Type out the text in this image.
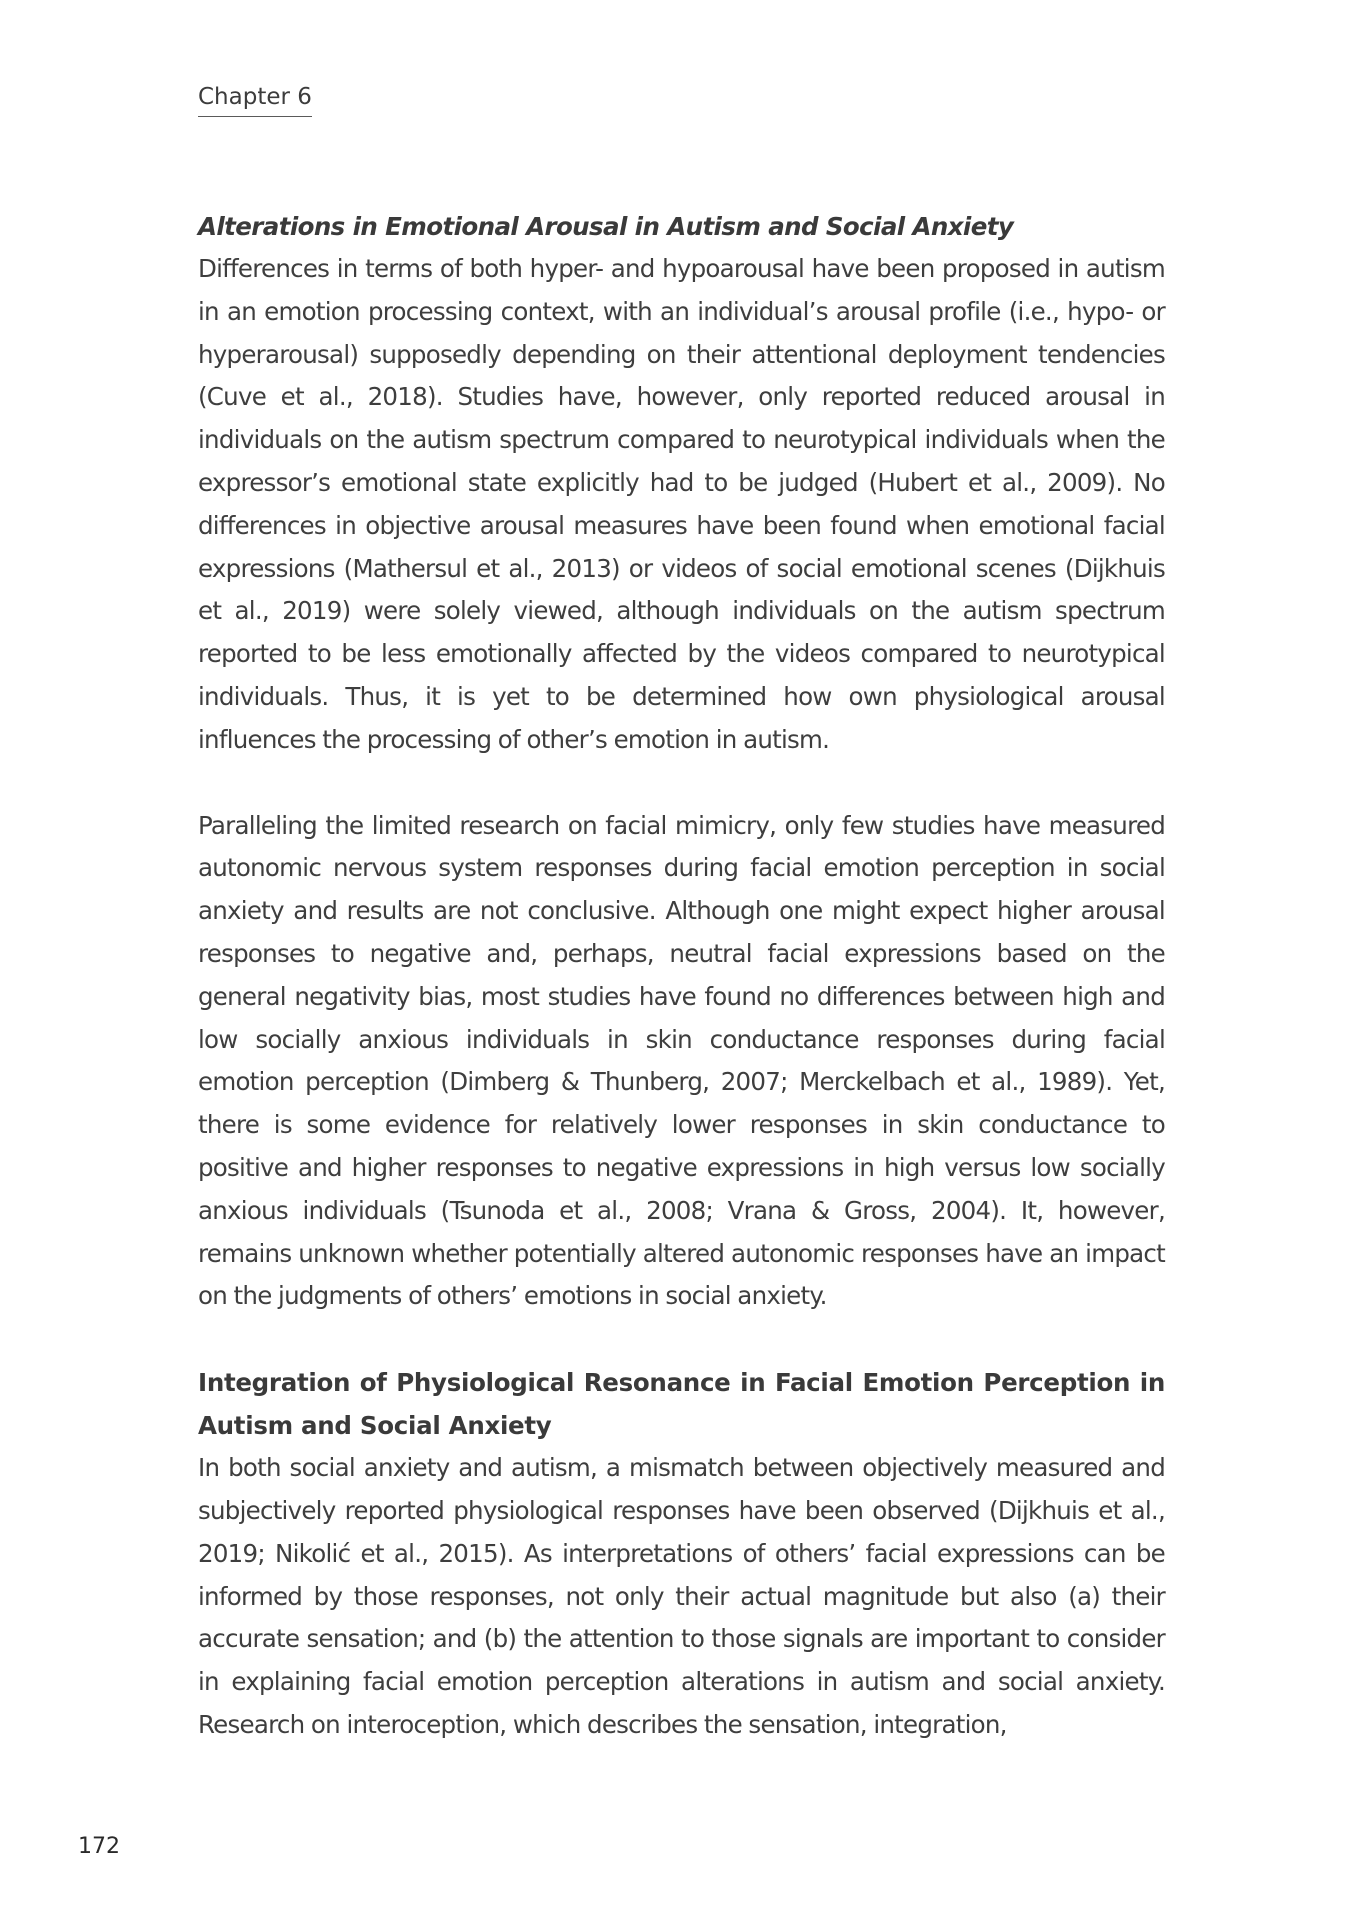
Chapter 6
Alterations in Emotional Arousal in Autism and Social Anxiety

Differences in terms of both hyper- and hypoarousal have been proposed in autism in an emotion processing context, with an individual’s arousal profile (i.e., hypo- or hyperarousal) supposedly depending on their attentional deployment tendencies (Cuve et al., 2018). Studies have, however, only reported reduced arousal in individuals on the autism spectrum compared to neurotypical individuals when the expressor’s emotional state explicitly had to be judged (Hubert et al., 2009). No differences in objective arousal measures have been found when emotional facial expressions (Mathersul et al., 2013) or videos of social emotional scenes (Dijkhuis et al., 2019) were solely viewed, although individuals on the autism spectrum reported to be less emotionally affected by the videos compared to neurotypical individuals. Thus, it is yet to be determined how own physiological arousal influences the processing of other’s emotion in autism.

Paralleling the limited research on facial mimicry, only few studies have measured autonomic nervous system responses during facial emotion perception in social anxiety and results are not conclusive. Although one might expect higher arousal responses to negative and, perhaps, neutral facial expressions based on the general negativity bias, most studies have found no differences between high and low socially anxious individuals in skin conductance responses during facial emotion perception (Dimberg & Thunberg, 2007; Merckelbach et al., 1989). Yet, there is some evidence for relatively lower responses in skin conductance to positive and higher responses to negative expressions in high versus low socially anxious individuals (Tsunoda et al., 2008; Vrana & Gross, 2004). It, however, remains unknown whether potentially altered autonomic responses have an impact on the judgments of others’ emotions in social anxiety.

Integration of Physiological Resonance in Facial Emotion Perception in Autism and Social Anxiety

In both social anxiety and autism, a mismatch between objectively measured and subjectively reported physiological responses have been observed (Dijkhuis et al., 2019; Nikolić et al., 2015). As interpretations of others’ facial expressions can be informed by those responses, not only their actual magnitude but also (a) their accurate sensation; and (b) the attention to those signals are important to consider in explaining facial emotion perception alterations in autism and social anxiety. Research on interoception, which describes the sensation, integration,

172
